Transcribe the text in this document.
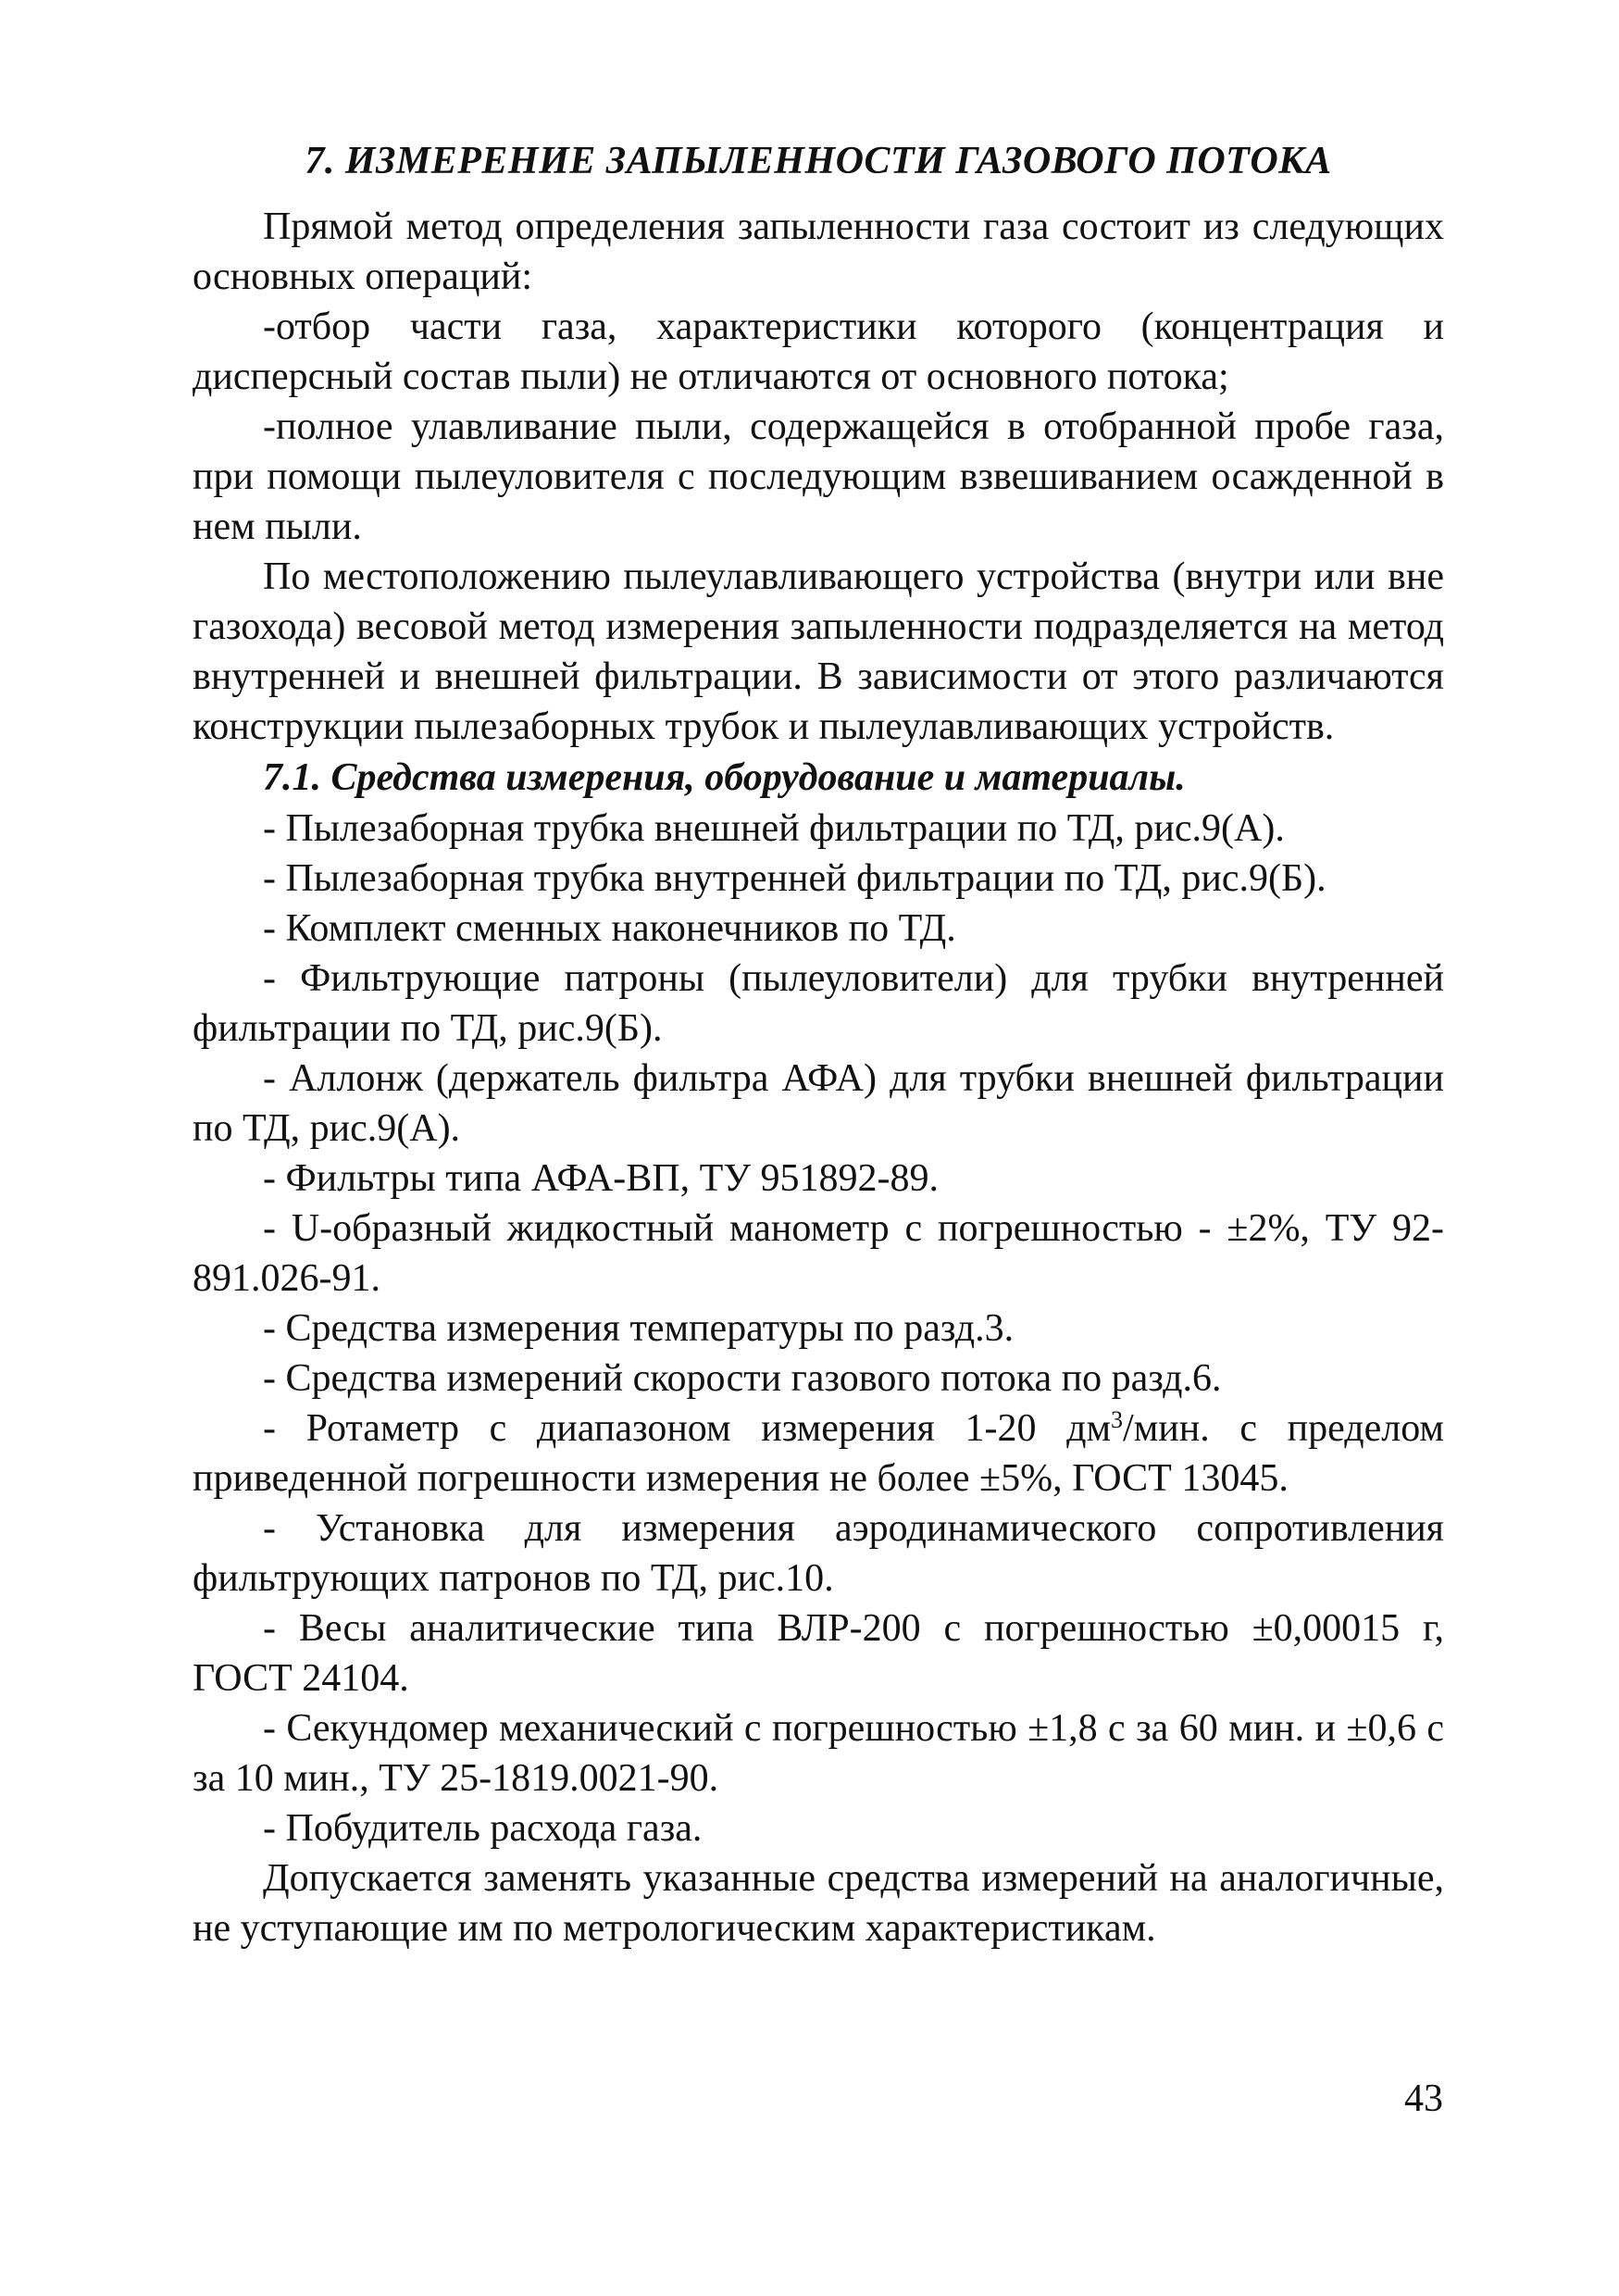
7. ИЗМЕРЕНИЕ ЗАПЫЛЕННОСТИ ГАЗОВОГО ПОТОКА

Прямой метод определения запыленности газа состоит из следующих основных операций:

-отбор части газа, характеристики которого (концентрация и дисперсный состав пыли) не отличаются от основного потока;

-полное улавливание пыли, содержащейся в отобранной пробе газа, при помощи пылеуловителя с последующим взвешиванием осажденной в нем пыли.

По местоположению пылеулавливающего устройства (внутри или вне газохода) весовой метод измерения запыленности подразделяется на метод внутренней и внешней фильтрации. В зависимости от этого различаются конструкции пылезаборных трубок и пылеулавливающих устройств.

7.1. Средства измерения, оборудование и материалы.

- Пылезаборная трубка внешней фильтрации по ТД, рис.9(А).

- Пылезаборная трубка внутренней фильтрации по ТД, рис.9(Б).

- Комплект сменных наконечников по ТД.

- Фильтрующие патроны (пылеуловители) для трубки внутренней фильтрации по ТД, рис.9(Б).

- Аллонж (держатель фильтра АФА) для трубки внешней фильтрации по ТД, рис.9(А).

- Фильтры типа АФА-ВП, ТУ 951892-89.

- U-образный жидкостный манометр с погрешностью - ±2%, ТУ 92-891.026-91.

- Средства измерения температуры по разд.3.

- Средства измерений скорости газового потока по разд.6.

- Ротаметр с диапазоном измерения 1-20 $дм^3$/мин. с пределом приведенной погрешности измерения не более ±5%, ГОСТ 13045.

- Установка для измерения аэродинамического сопротивления фильтрующих патронов по ТД, рис.10.

- Весы аналитические типа ВЛР-200 с погрешностью ±0,00015 г, ГОСТ 24104.

- Секундомер механический с погрешностью ±1,8 с за 60 мин. и ±0,6 с за 10 мин., ТУ 25-1819.0021-90.

- Побудитель расхода газа.

Допускается заменять указанные средства измерений на аналогичные, не уступающие им по метрологическим характеристикам.

43
